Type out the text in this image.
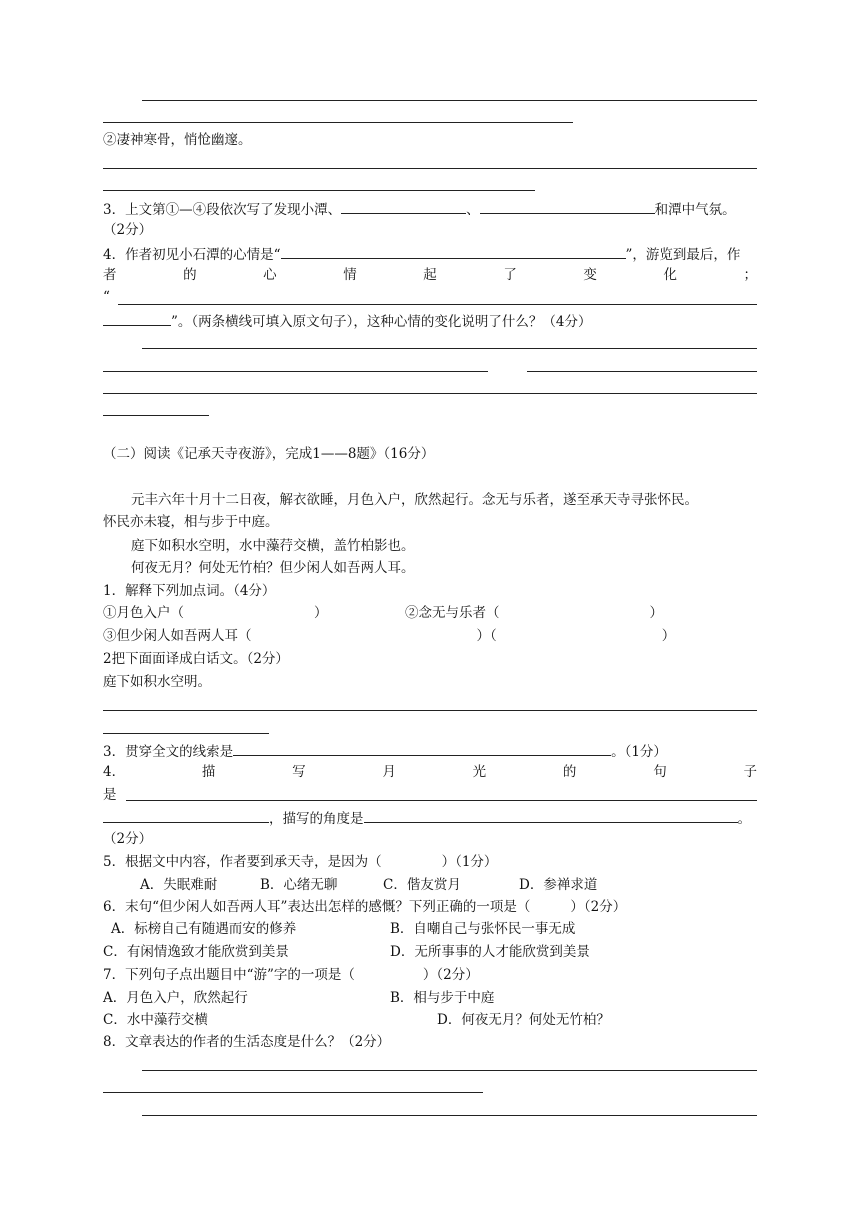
②凄神寒骨，悄怆幽邃。
3．上文第①—④段依次写了发现小潭、	、	和潭中气氛。
（2分）
4．作者初见小石潭的心情是“	”，游览到最后，作
者	的	心	情	起	了	变	化	；
“
”。（两条横线可填入原文句子），这种心情的变化说明了什么？（4分）
（二）阅读《记承天寺夜游》，完成1——8题》（16分）
元丰六年十月十二日夜，解衣欲睡，月色入户，欣然起行。念无与乐者，遂至承天寺寻张怀民。
怀民亦未寝，相与步于中庭。
庭下如积水空明，水中藻荇交横，盖竹柏影也。
何夜无月？何处无竹柏？但少闲人如吾两人耳。
1．解释下列加点词。（4分）
①月色入户（	）	②念无与乐者（	）
③但少闲人如吾两人耳（	）（	）
2把下面面译成白话文。（2分）
庭下如积水空明。
3．贯穿全文的线索是	。（1分）
4．	描	写	月	光	的	句	子
是
，描写的角度是	。
（2分）
5．根据文中内容，作者要到承天寺，是因为（	）（1分）
A．失眠难耐	B．心绪无聊	C．偕友赏月	D．参禅求道
6．末句“但少闲人如吾两人耳”表达出怎样的感慨？下列正确的一项是（	）（2分）
A．标榜自己有随遇而安的修养	B．自嘲自己与张怀民一事无成
C．有闲情逸致才能欣赏到美景	D．无所事事的人才能欣赏到美景
7．下列句子点出题目中“游”字的一项是（	）（2分）
A．月色入户，欣然起行	B．相与步于中庭
C．水中藻荇交横	D．何夜无月？何处无竹柏？
8．文章表达的作者的生活态度是什么？（2分）
